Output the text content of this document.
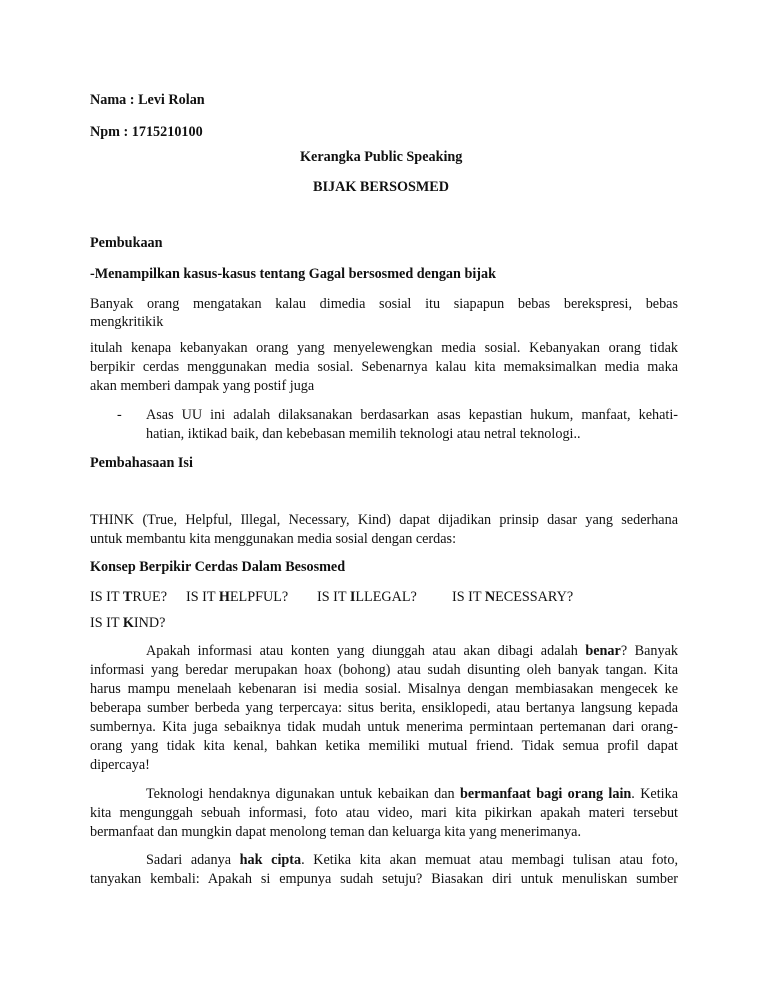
Nama : Levi Rolan
Npm : 1715210100
Kerangka Public Speaking
BIJAK BERSOSMED
Pembukaan
-Menampilkan kasus-kasus tentang Gagal bersosmed dengan bijak
Banyak orang mengatakan kalau dimedia sosial itu siapapun bebas berekspresi, bebas
mengkritikik
itulah kenapa kebanyakan orang yang menyelewengkan media sosial. Kebanyakan orang tidak
berpikir cerdas menggunakan media sosial. Sebenarnya kalau kita memaksimalkan media maka
akan memberi dampak yang postif juga
- Asas UU ini adalah dilaksanakan berdasarkan asas kepastian hukum, manfaat, kehati-
hatian, iktikad baik, dan kebebasan memilih teknologi atau netral teknologi..
Pembahasaan Isi
THINK (True, Helpful, Illegal, Necessary, Kind) dapat dijadikan prinsip dasar yang sederhana
untuk membantu kita menggunakan media sosial dengan cerdas:
Konsep Berpikir Cerdas Dalam Besosmed
IS IT TRUE? IS IT HELPFUL? IS IT ILLEGAL? IS IT NECESSARY?
IS IT KIND?
Apakah informasi atau konten yang diunggah atau akan dibagi adalah benar? Banyak
informasi yang beredar merupakan hoax (bohong) atau sudah disunting oleh banyak tangan. Kita
harus mampu menelaah kebenaran isi media sosial. Misalnya dengan membiasakan mengecek ke
beberapa sumber berbeda yang terpercaya: situs berita, ensiklopedi, atau bertanya langsung kepada
sumbernya. Kita juga sebaiknya tidak mudah untuk menerima permintaan pertemanan dari orang-
orang yang tidak kita kenal, bahkan ketika memiliki mutual friend. Tidak semua profil dapat
dipercaya!
Teknologi hendaknya digunakan untuk kebaikan dan bermanfaat bagi orang lain. Ketika
kita mengunggah sebuah informasi, foto atau video, mari kita pikirkan apakah materi tersebut
bermanfaat dan mungkin dapat menolong teman dan keluarga kita yang menerimanya.
Sadari adanya hak cipta. Ketika kita akan memuat atau membagi tulisan atau foto,
tanyakan kembali: Apakah si empunya sudah setuju? Biasakan diri untuk menuliskan sumber
